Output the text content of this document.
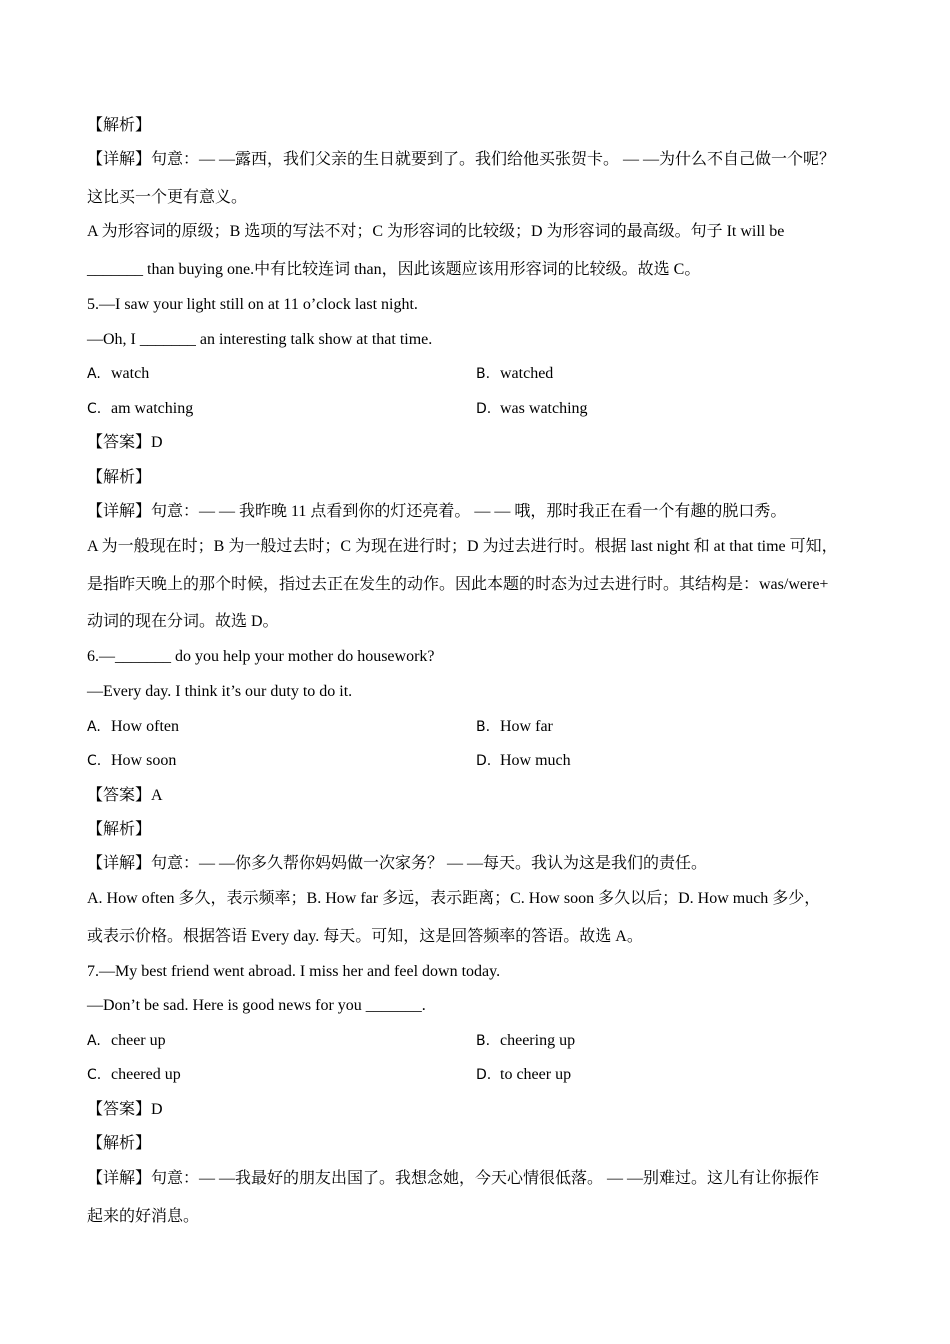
【解析】
【详解】句意：— —露西，我们父亲的生日就要到了。我们给他买张贺卡。 — —为什么不自己做一个呢？
这比买一个更有意义。
A 为形容词的原级；B 选项的写法不对；C 为形容词的比较级；D 为形容词的最高级。句子 It will be
_______ than buying one.中有比较连词 than，因此该题应该用形容词的比较级。故选 C。
5.—I saw your light still on at 11 o’clock last night.
—Oh, I _______ an interesting talk show at that time.
A. watch	B. watched
C. am watching	D. was watching
【答案】D
【解析】
【详解】句意：— — 我昨晚 11 点看到你的灯还亮着。 — — 哦，那时我正在看一个有趣的脱口秀。
A 为一般现在时；B 为一般过去时；C 为现在进行时；D 为过去进行时。根据 last night 和 at that time 可知，
是指昨天晚上的那个时候，指过去正在发生的动作。因此本题的时态为过去进行时。其结构是：was/were+
动词的现在分词。故选 D。
6.—_______ do you help your mother do housework?
—Every day. I think it’s our duty to do it.
A. How often	B. How far
C. How soon	D. How much
【答案】A
【解析】
【详解】句意：— —你多久帮你妈妈做一次家务？ — —每天。我认为这是我们的责任。
A. How often 多久，表示频率；B. How far 多远，表示距离；C. How soon 多久以后；D. How much 多少，
或表示价格。根据答语 Every day. 每天。可知，这是回答频率的答语。故选 A。
7.—My best friend went abroad. I miss her and feel down today.
—Don’t be sad. Here is good news for you _______.
A. cheer up	B. cheering up
C. cheered up	D. to cheer up
【答案】D
【解析】
【详解】句意：— —我最好的朋友出国了。我想念她，今天心情很低落。 — —别难过。这儿有让你振作
起来的好消息。
